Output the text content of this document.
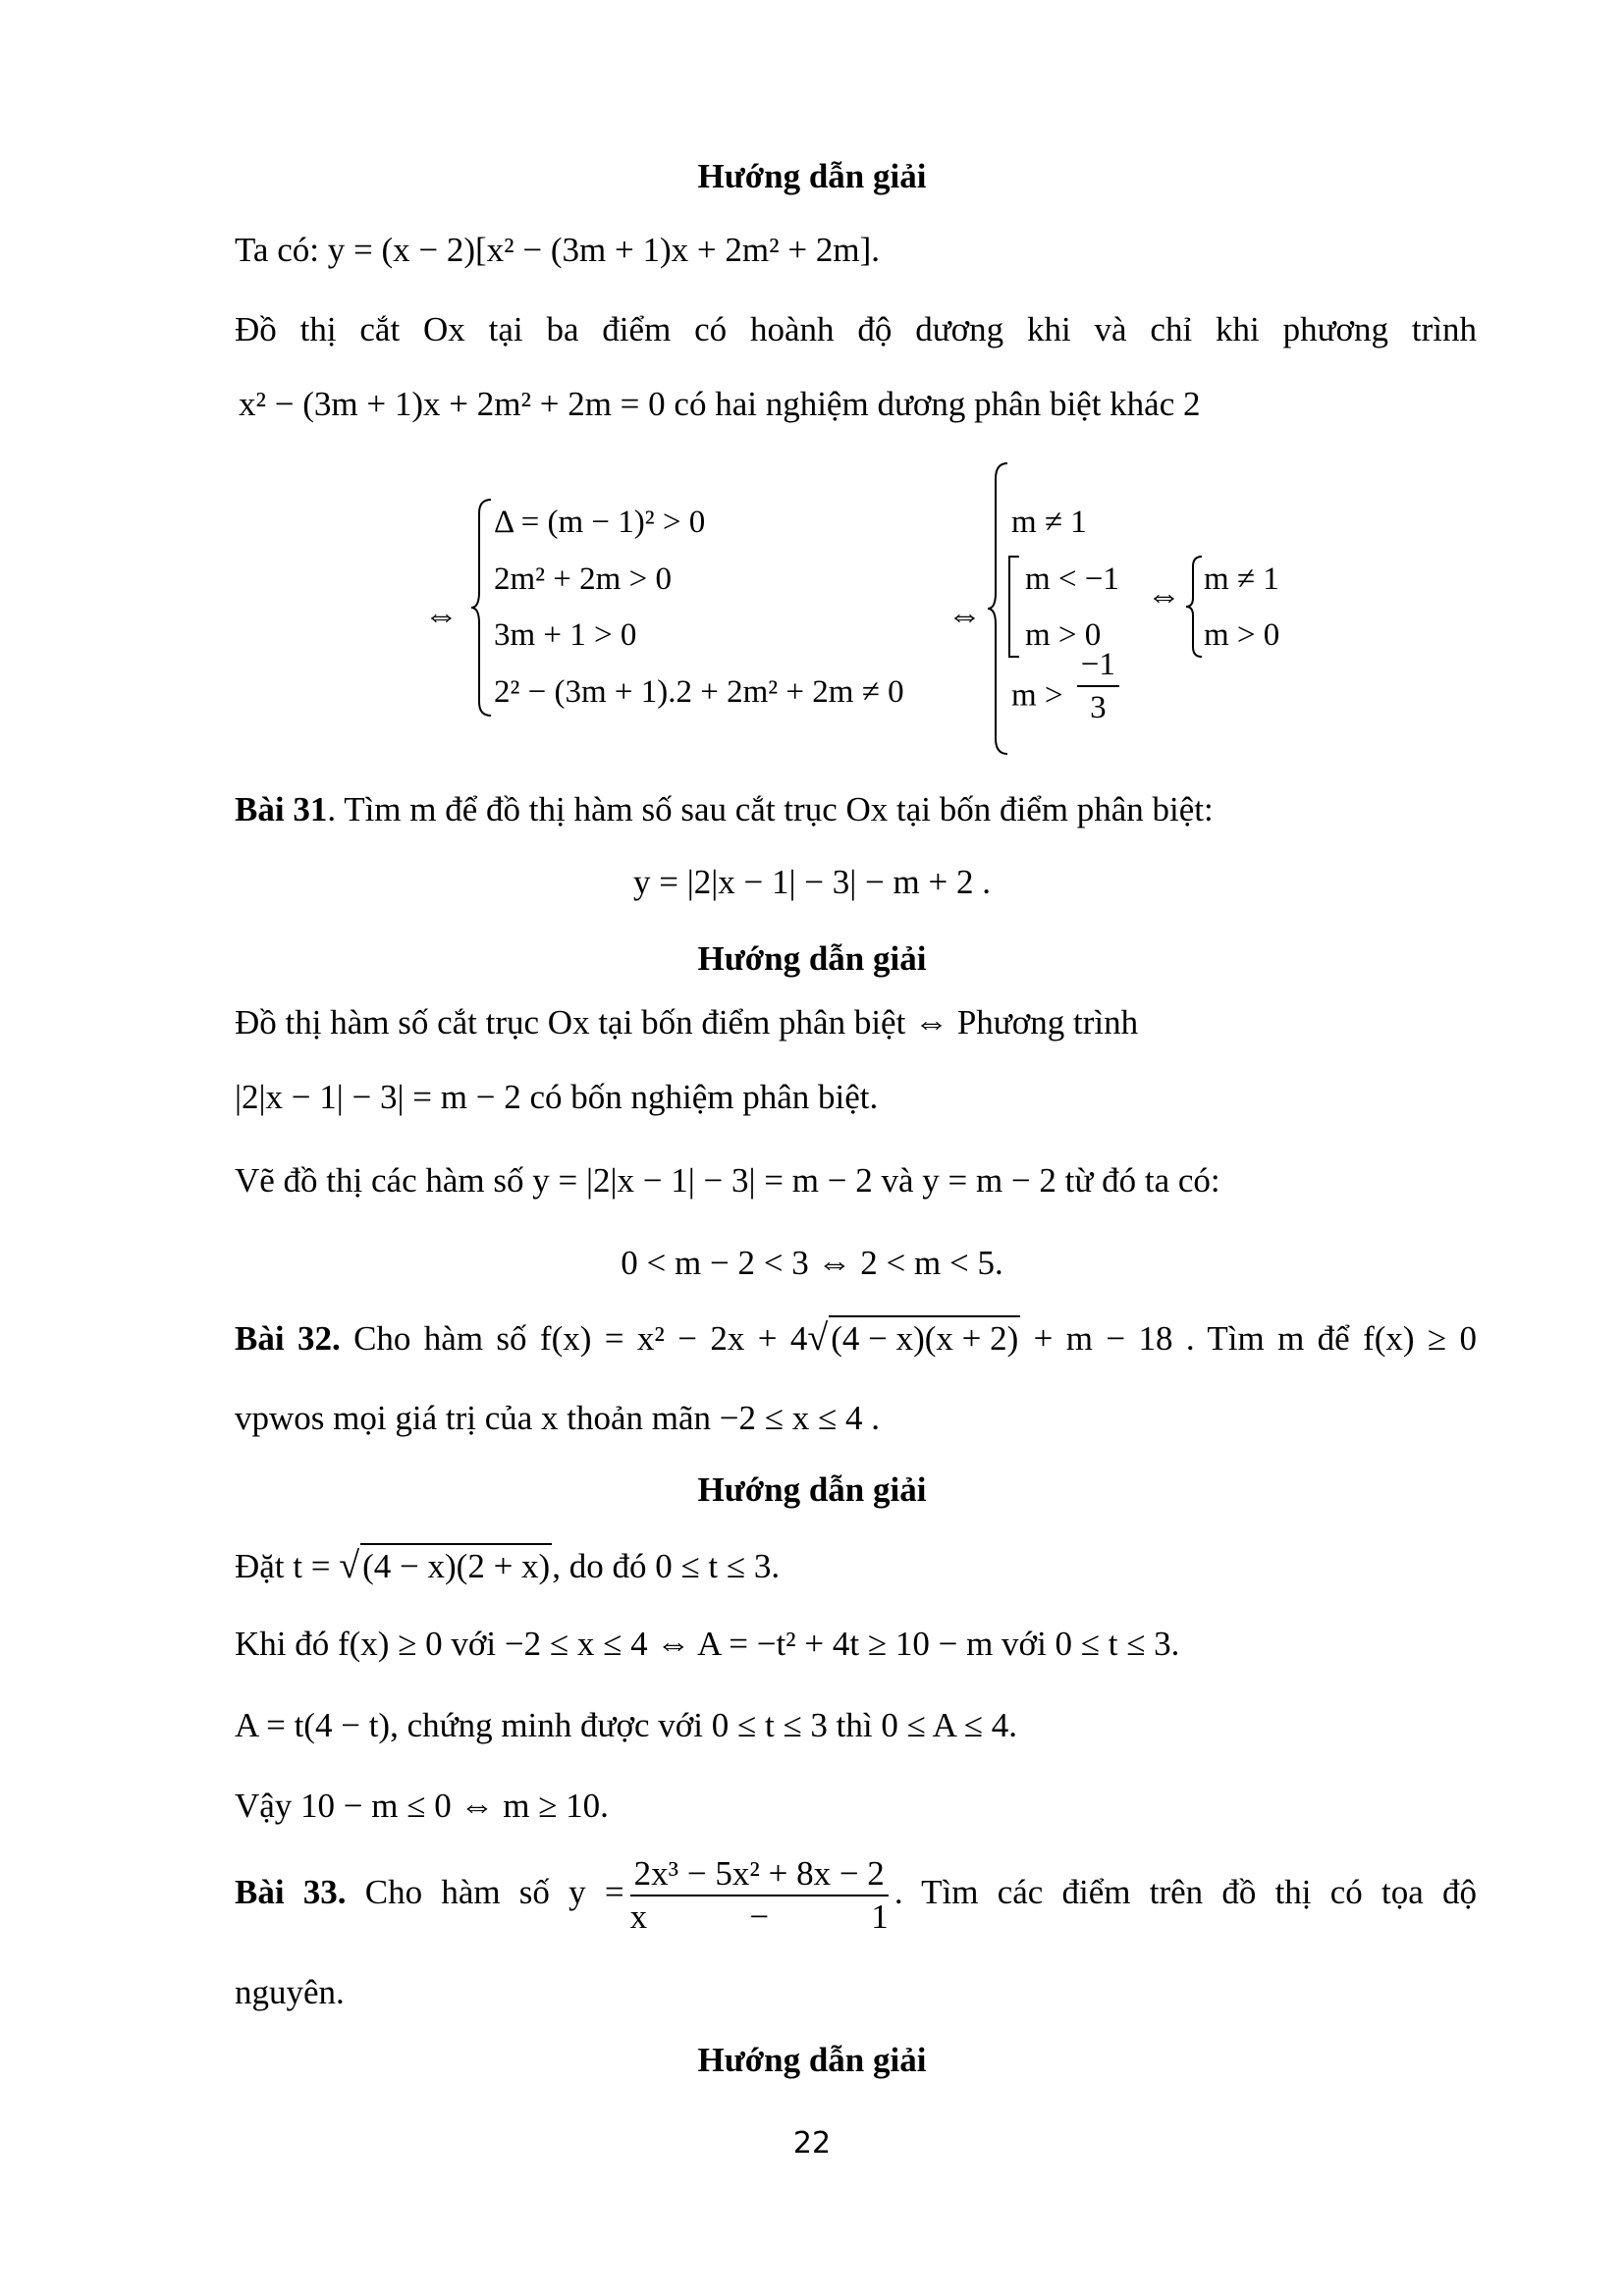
Hướng dẫn giải
Ta có: y = (x − 2)[x² − (3m + 1)x + 2m² + 2m].
Đồ thị cắt Ox tại ba điểm có hoành độ dương khi và chỉ khi phương trình
x² − (3m + 1)x + 2m² + 2m = 0 có hai nghiệm dương phân biệt khác 2
⇔
Δ = (m − 1)² > 0
2m² + 2m > 0
3m + 1 > 0
2² − (3m + 1).2 + 2m² + 2m ≠ 0
⇔
m ≠ 1
m < −1
m > 0
$m > \frac{-1}{3}$
⇔ m ≠ 1
m > 0
Bài 31. Tìm m để đồ thị hàm số sau cắt trục Ox tại bốn điểm phân biệt:
y = |2|x − 1| − 3| − m + 2 .
Hướng dẫn giải
Đồ thị hàm số cắt trục Ox tại bốn điểm phân biệt ⇔ Phương trình
|2|x − 1| − 3| = m − 2 có bốn nghiệm phân biệt.
Vẽ đồ thị các hàm số y = |2|x − 1| − 3| = m − 2 và y = m − 2 từ đó ta có:
0 < m − 2 < 3 ⇔ 2 < m < 5.
Bài 32. Cho hàm số f(x) = x² − 2x + 4√(4 − x)(x + 2) + m − 18 . Tìm m để f(x) ≥ 0
vpwos mọi giá trị của x thoản mãn −2 ≤ x ≤ 4 .
Hướng dẫn giải
Đặt t = √(4 − x)(2 + x), do đó 0 ≤ t ≤ 3.
Khi đó f(x) ≥ 0 với −2 ≤ x ≤ 4 ⇔ A = −t² + 4t ≥ 10 − m với 0 ≤ t ≤ 3.
A = t(4 − t), chứng minh được với 0 ≤ t ≤ 3 thì 0 ≤ A ≤ 4.
Vậy 10 − m ≤ 0 ⇔ m ≥ 10.
Bài 33. Cho hàm số $y = \frac{\text{2x³ − 5x² + 8x − 2}}{x - 1}$ . Tìm các điểm trên đồ thị có tọa độ
nguyên.
Hướng dẫn giải
22
